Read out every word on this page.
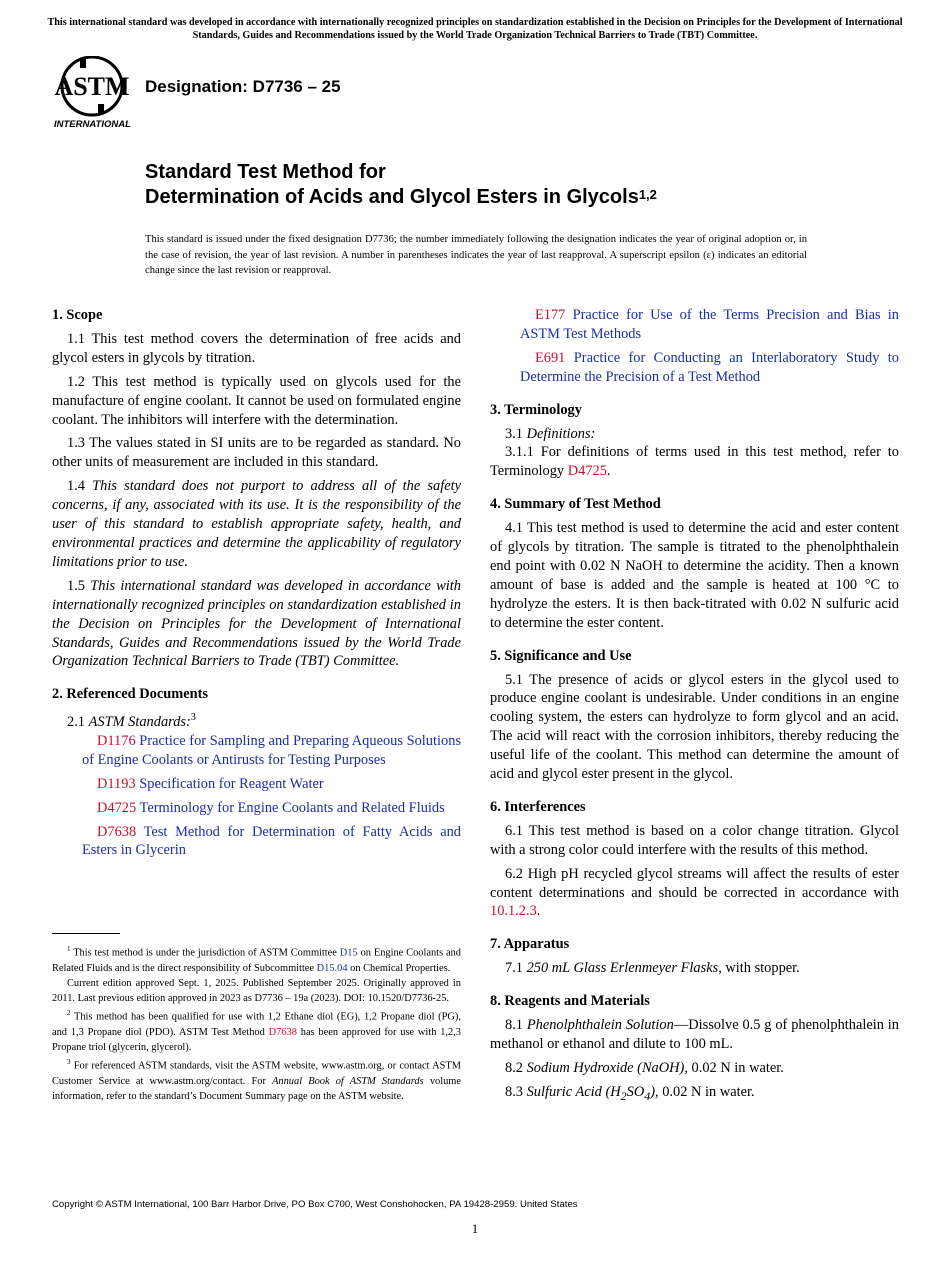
This international standard was developed in accordance with internationally recognized principles on standardization established in the Decision on Principles for the Development of International Standards, Guides and Recommendations issued by the World Trade Organization Technical Barriers to Trade (TBT) Committee.
ASTM
INTERNATIONAL
Designation: D7736 – 25
Standard Test Method for
Determination of Acids and Glycol Esters in Glycols$^{1,2}$
This standard is issued under the fixed designation D7736; the number immediately following the designation indicates the year of original adoption or, in the case of revision, the year of last revision. A number in parentheses indicates the year of last reapproval. A superscript epsilon (ε) indicates an editorial change since the last revision or reapproval.
1. Scope

1.1 This test method covers the determination of free acids and glycol esters in glycols by titration.

1.2 This test method is typically used on glycols used for the manufacture of engine coolant. It cannot be used on formulated engine coolant. The inhibitors will interfere with the determination.

1.3 The values stated in SI units are to be regarded as standard. No other units of measurement are included in this standard.

1.4 This standard does not purport to address all of the safety concerns, if any, associated with its use. It is the responsibility of the user of this standard to establish appropriate safety, health, and environmental practices and determine the applicability of regulatory limitations prior to use.

1.5 This international standard was developed in accordance with internationally recognized principles on standardization established in the Decision on Principles for the Development of International Standards, Guides and Recommendations issued by the World Trade Organization Technical Barriers to Trade (TBT) Committee.

2. Referenced Documents

2.1 ASTM Standards:$^3$

D1176 Practice for Sampling and Preparing Aqueous Solutions of Engine Coolants or Antirusts for Testing Purposes

D1193 Specification for Reagent Water

D4725 Terminology for Engine Coolants and Related Fluids

D7638 Test Method for Determination of Fatty Acids and Esters in Glycerin

$^1$ This test method is under the jurisdiction of ASTM Committee D15 on Engine Coolants and Related Fluids and is the direct responsibility of Subcommittee D15.04 on Chemical Properties.

Current edition approved Sept. 1, 2025. Published September 2025. Originally approved in 2011. Last previous edition approved in 2023 as D7736 – 19a (2023). DOI: 10.1520/D7736-25.

$^2$ This method has been qualified for use with 1,2 Ethane diol (EG), 1,2 Propane diol (PG), and 1,3 Propane diol (PDO). ASTM Test Method D7638 has been approved for use with 1,2,3 Propane triol (glycerin, glycerol).

$^3$ For referenced ASTM standards, visit the ASTM website, www.astm.org, or contact ASTM Customer Service at www.astm.org/contact. For Annual Book of ASTM Standards volume information, refer to the standard’s Document Summary page on the ASTM website.

E177 Practice for Use of the Terms Precision and Bias in ASTM Test Methods

E691 Practice for Conducting an Interlaboratory Study to Determine the Precision of a Test Method

3. Terminology

3.1 Definitions:

3.1.1 For definitions of terms used in this test method, refer to Terminology D4725.

4. Summary of Test Method

4.1 This test method is used to determine the acid and ester content of glycols by titration. The sample is titrated to the phenolphthalein end point with 0.02 N NaOH to determine the acidity. Then a known amount of base is added and the sample is heated at 100 °C to hydrolyze the esters. It is then back-titrated with 0.02 N sulfuric acid to determine the ester content.

5. Significance and Use

5.1 The presence of acids or glycol esters in the glycol used to produce engine coolant is undesirable. Under conditions in an engine cooling system, the esters can hydrolyze to form glycol and an acid. The acid will react with the corrosion inhibitors, thereby reducing the useful life of the coolant. This method can determine the amount of acid and glycol ester present in the glycol.

6. Interferences

6.1 This test method is based on a color change titration. Glycol with a strong color could interfere with the results of this method.

6.2 High pH recycled glycol streams will affect the results of ester content determinations and should be corrected in accordance with 10.1.2.3.

7. Apparatus

7.1 250 mL Glass Erlenmeyer Flasks, with stopper.

8. Reagents and Materials

8.1 Phenolphthalein Solution—Dissolve 0.5 g of phenolphthalein in methanol or ethanol and dilute to 100 mL.

8.2 Sodium Hydroxide (NaOH), 0.02 N in water.

8.3 Sulfuric Acid $(H_2SO_4)$, 0.02 N in water.

Copyright © ASTM International, 100 Barr Harbor Drive, PO Box C700, West Conshohocken, PA 19428-2959. United States
1
